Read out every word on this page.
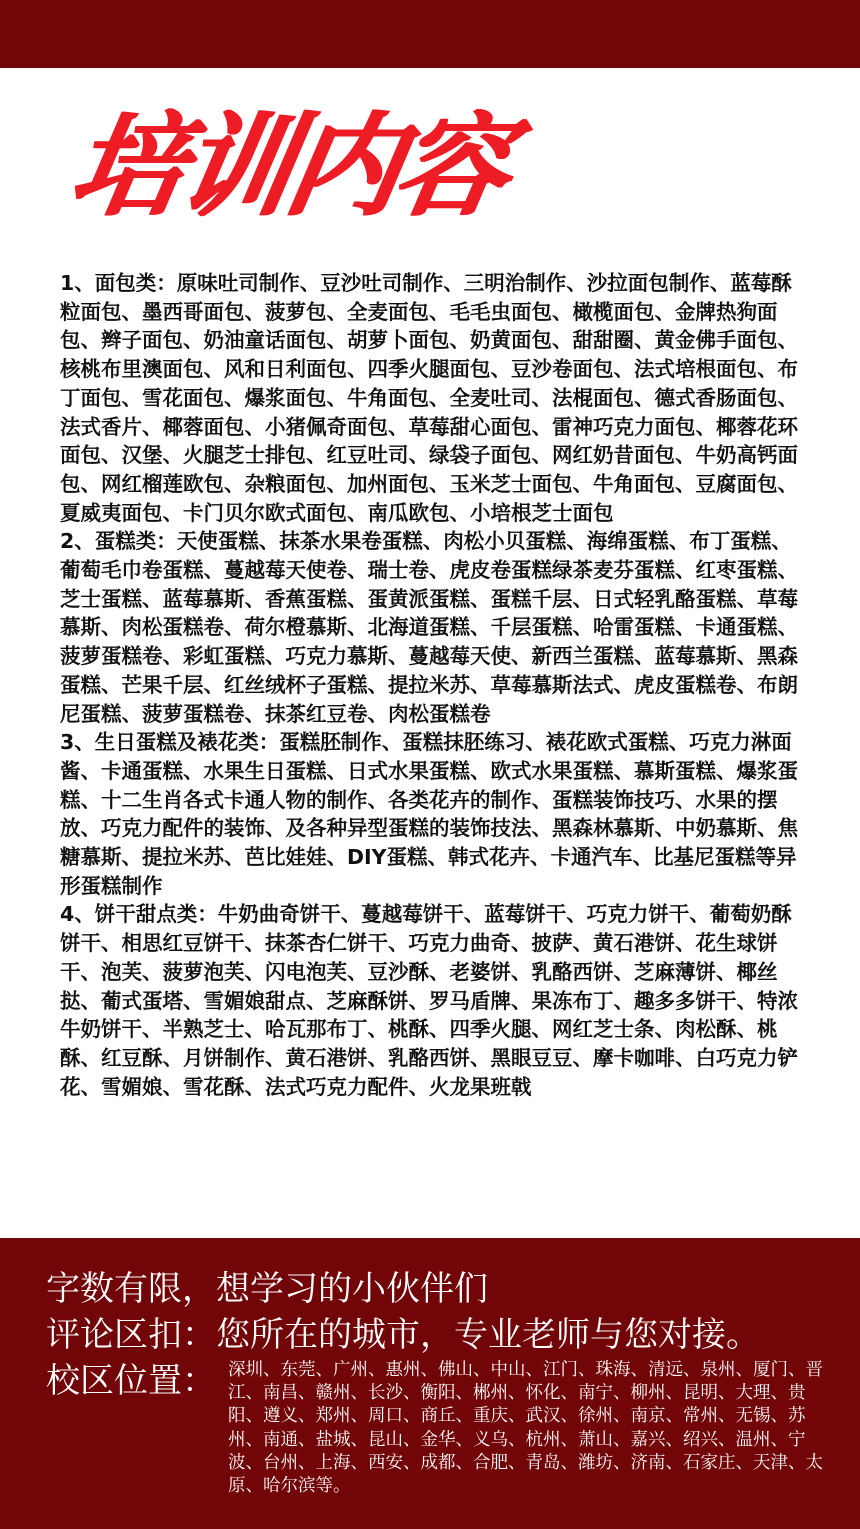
培训内容

1、面包类：原味吐司制作、豆沙吐司制作、三明治制作、沙拉面包制作、蓝莓酥粒面包、墨西哥面包、菠萝包、全麦面包、毛毛虫面包、橄榄面包、金牌热狗面包、辫子面包、奶油童话面包、胡萝卜面包、奶黄面包、甜甜圈、黄金佛手面包、核桃布里澳面包、风和日利面包、四季火腿面包、豆沙卷面包、法式培根面包、布丁面包、雪花面包、爆浆面包、牛角面包、全麦吐司、法棍面包、德式香肠面包、法式香片、椰蓉面包、小猪佩奇面包、草莓甜心面包、雷神巧克力面包、椰蓉花环面包、汉堡、火腿芝士排包、红豆吐司、绿袋子面包、网红奶昔面包、牛奶高钙面包、网红榴莲欧包、杂粮面包、加州面包、玉米芝士面包、牛角面包、豆腐面包、夏威夷面包、卡门贝尔欧式面包、南瓜欧包、小培根芝士面包

2、蛋糕类：天使蛋糕、抹茶水果卷蛋糕、肉松小贝蛋糕、海绵蛋糕、布丁蛋糕、葡萄毛巾卷蛋糕、蔓越莓天使卷、瑞士卷、虎皮卷蛋糕绿茶麦芬蛋糕、红枣蛋糕、芝士蛋糕、蓝莓慕斯、香蕉蛋糕、蛋黄派蛋糕、蛋糕千层、日式轻乳酪蛋糕、草莓慕斯、肉松蛋糕卷、荷尔橙慕斯、北海道蛋糕、千层蛋糕、哈雷蛋糕、卡通蛋糕、菠萝蛋糕卷、彩虹蛋糕、巧克力慕斯、蔓越莓天使、新西兰蛋糕、蓝莓慕斯、黑森蛋糕、芒果千层、红丝绒杯子蛋糕、提拉米苏、草莓慕斯法式、虎皮蛋糕卷、布朗尼蛋糕、菠萝蛋糕卷、抹茶红豆卷、肉松蛋糕卷

3、生日蛋糕及裱花类：蛋糕胚制作、蛋糕抹胚练习、裱花欧式蛋糕、巧克力淋面酱、卡通蛋糕、水果生日蛋糕、日式水果蛋糕、欧式水果蛋糕、慕斯蛋糕、爆浆蛋糕、十二生肖各式卡通人物的制作、各类花卉的制作、蛋糕装饰技巧、水果的摆放、巧克力配件的装饰、及各种异型蛋糕的装饰技法、黑森林慕斯、中奶慕斯、焦糖慕斯、提拉米苏、芭比娃娃、DIY蛋糕、韩式花卉、卡通汽车、比基尼蛋糕等异形蛋糕制作

4、饼干甜点类：牛奶曲奇饼干、蔓越莓饼干、蓝莓饼干、巧克力饼干、葡萄奶酥饼干、相思红豆饼干、抹茶杏仁饼干、巧克力曲奇、披萨、黄石港饼、花生球饼干、泡芙、菠萝泡芙、闪电泡芙、豆沙酥、老婆饼、乳酪西饼、芝麻薄饼、椰丝挞、葡式蛋塔、雪媚娘甜点、芝麻酥饼、罗马盾牌、果冻布丁、趣多多饼干、特浓牛奶饼干、半熟芝士、哈瓦那布丁、桃酥、四季火腿、网红芝士条、肉松酥、桃酥、红豆酥、月饼制作、黄石港饼、乳酪西饼、黑眼豆豆、摩卡咖啡、白巧克力铲花、雪媚娘、雪花酥、法式巧克力配件、火龙果班戟

字数有限，想学习的小伙伴们
评论区扣：您所在的城市，专业老师与您对接。
校区位置： 深圳、东莞、广州、惠州、佛山、中山、江门、珠海、清远、泉州、厦门、晋江、南昌、赣州、长沙、衡阳、郴州、怀化、南宁、柳州、昆明、大理、贵阳、遵义、郑州、周口、商丘、重庆、武汉、徐州、南京、常州、无锡、苏州、南通、盐城、昆山、金华、义乌、杭州、萧山、嘉兴、绍兴、温州、宁波、台州、上海、西安、成都、合肥、青岛、潍坊、济南、石家庄、天津、太原、哈尔滨等。
